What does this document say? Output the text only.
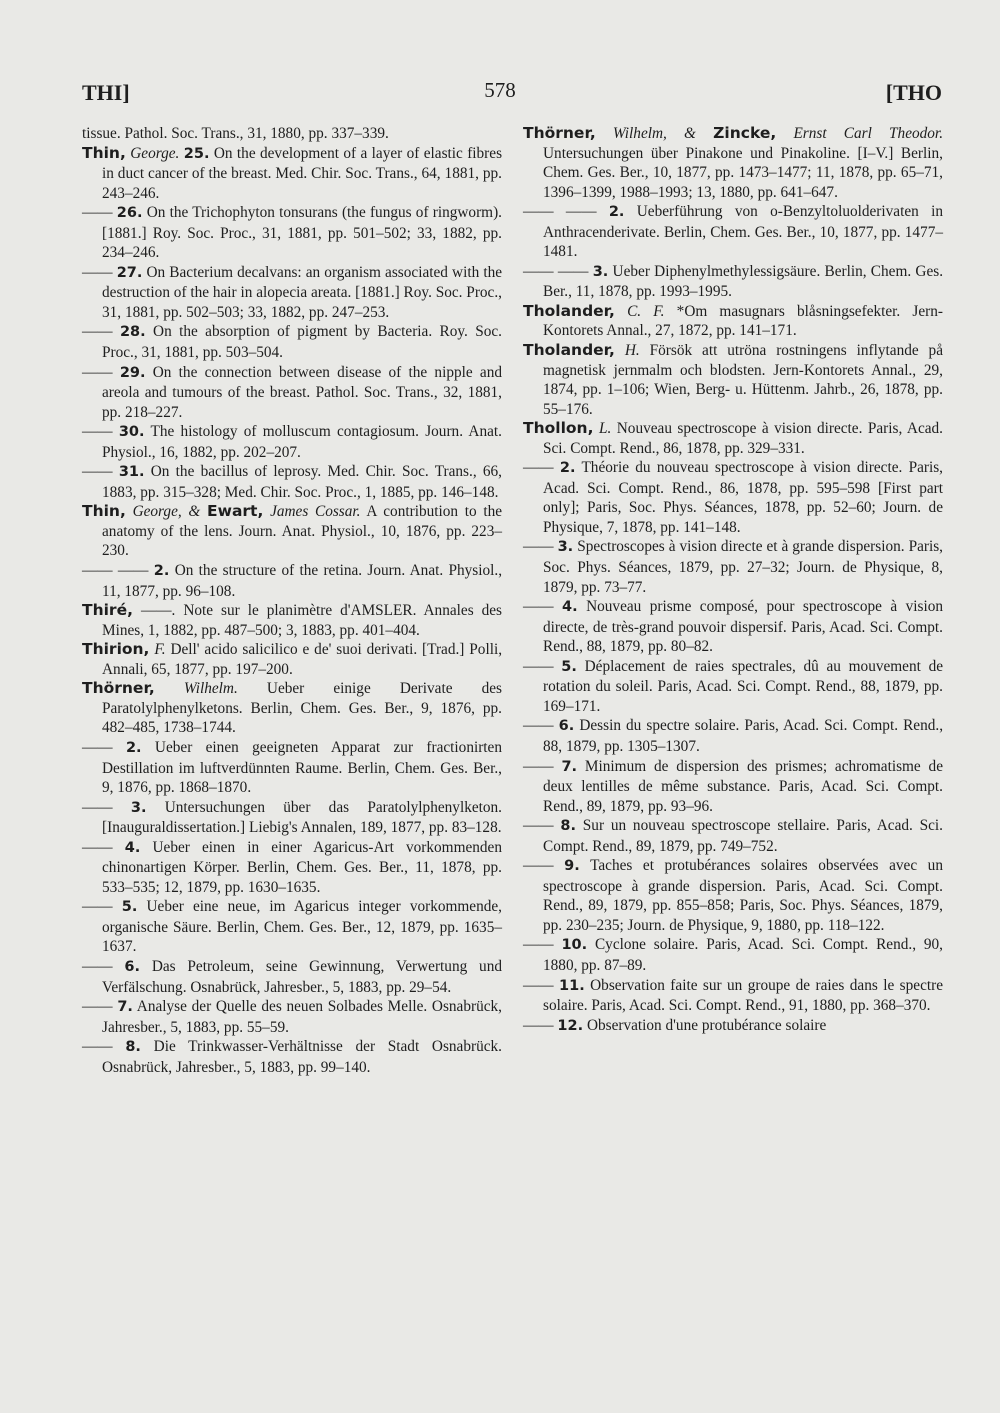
THI]	578	[THO

tissue. Pathol. Soc. Trans., 31, 1880, pp. 337–339.

Thin, George. 25. On the development of a layer of elastic fibres in duct cancer of the breast. Med. Chir. Soc. Trans., 64, 1881, pp. 243–246.

—— 26. On the Trichophyton tonsurans (the fungus of ringworm). [1881.] Roy. Soc. Proc., 31, 1881, pp. 501–502; 33, 1882, pp. 234–246.

—— 27. On Bacterium decalvans: an organism associated with the destruction of the hair in alopecia areata. [1881.] Roy. Soc. Proc., 31, 1881, pp. 502–503; 33, 1882, pp. 247–253.

—— 28. On the absorption of pigment by Bacteria. Roy. Soc. Proc., 31, 1881, pp. 503–504.

—— 29. On the connection between disease of the nipple and areola and tumours of the breast. Pathol. Soc. Trans., 32, 1881, pp. 218–227.

—— 30. The histology of molluscum contagiosum. Journ. Anat. Physiol., 16, 1882, pp. 202–207.

—— 31. On the bacillus of leprosy. Med. Chir. Soc. Trans., 66, 1883, pp. 315–328; Med. Chir. Soc. Proc., 1, 1885, pp. 146–148.

Thin, George, & Ewart, James Cossar. A contribution to the anatomy of the lens. Journ. Anat. Physiol., 10, 1876, pp. 223–230.

—— —— 2. On the structure of the retina. Journ. Anat. Physiol., 11, 1877, pp. 96–108.

Thiré, ——. Note sur le planimètre d'AMSLER. Annales des Mines, 1, 1882, pp. 487–500; 3, 1883, pp. 401–404.

Thirion, F. Dell' acido salicilico e de' suoi derivati. [Trad.] Polli, Annali, 65, 1877, pp. 197–200.

Thörner, Wilhelm. Ueber einige Derivate des Paratolylphenylketons. Berlin, Chem. Ges. Ber., 9, 1876, pp. 482–485, 1738–1744.

—— 2. Ueber einen geeigneten Apparat zur fractionirten Destillation im luftverdünnten Raume. Berlin, Chem. Ges. Ber., 9, 1876, pp. 1868–1870.

—— 3. Untersuchungen über das Paratolylphenylketon. [Inauguraldissertation.] Liebig's Annalen, 189, 1877, pp. 83–128.

—— 4. Ueber einen in einer Agaricus-Art vorkommenden chinonartigen Körper. Berlin, Chem. Ges. Ber., 11, 1878, pp. 533–535; 12, 1879, pp. 1630–1635.

—— 5. Ueber eine neue, im Agaricus integer vorkommende, organische Säure. Berlin, Chem. Ges. Ber., 12, 1879, pp. 1635–1637.

—— 6. Das Petroleum, seine Gewinnung, Verwertung und Verfälschung. Osnabrück, Jahresber., 5, 1883, pp. 29–54.

—— 7. Analyse der Quelle des neuen Solbades Melle. Osnabrück, Jahresber., 5, 1883, pp. 55–59.

—— 8. Die Trinkwasser-Verhältnisse der Stadt Osnabrück. Osnabrück, Jahresber., 5, 1883, pp. 99–140.

Thörner, Wilhelm, & Zincke, Ernst Carl Theodor. Untersuchungen über Pinakone und Pinakoline. [I–V.] Berlin, Chem. Ges. Ber., 10, 1877, pp. 1473–1477; 11, 1878, pp. 65–71, 1396–1399, 1988–1993; 13, 1880, pp. 641–647.

—— —— 2. Ueberführung von o-Benzyltoluolderivaten in Anthracenderivate. Berlin, Chem. Ges. Ber., 10, 1877, pp. 1477–1481.

—— —— 3. Ueber Diphenylmethylessigsäure. Berlin, Chem. Ges. Ber., 11, 1878, pp. 1993–1995.

Tholander, C. F. *Om masugnars blåsningsefekter. Jern-Kontorets Annal., 27, 1872, pp. 141–171.

Tholander, H. Försök att utröna rostningens inflytande på magnetisk jernmalm och blodsten. Jern-Kontorets Annal., 29, 1874, pp. 1–106; Wien, Berg- u. Hüttenm. Jahrb., 26, 1878, pp. 55–176.

Thollon, L. Nouveau spectroscope à vision directe. Paris, Acad. Sci. Compt. Rend., 86, 1878, pp. 329–331.

—— 2. Théorie du nouveau spectroscope à vision directe. Paris, Acad. Sci. Compt. Rend., 86, 1878, pp. 595–598 [First part only]; Paris, Soc. Phys. Séances, 1878, pp. 52–60; Journ. de Physique, 7, 1878, pp. 141–148.

—— 3. Spectroscopes à vision directe et à grande dispersion. Paris, Soc. Phys. Séances, 1879, pp. 27–32; Journ. de Physique, 8, 1879, pp. 73–77.

—— 4. Nouveau prisme composé, pour spectroscope à vision directe, de très-grand pouvoir dispersif. Paris, Acad. Sci. Compt. Rend., 88, 1879, pp. 80–82.

—— 5. Déplacement de raies spectrales, dû au mouvement de rotation du soleil. Paris, Acad. Sci. Compt. Rend., 88, 1879, pp. 169–171.

—— 6. Dessin du spectre solaire. Paris, Acad. Sci. Compt. Rend., 88, 1879, pp. 1305–1307.

—— 7. Minimum de dispersion des prismes; achromatisme de deux lentilles de même substance. Paris, Acad. Sci. Compt. Rend., 89, 1879, pp. 93–96.

—— 8. Sur un nouveau spectroscope stellaire. Paris, Acad. Sci. Compt. Rend., 89, 1879, pp. 749–752.

—— 9. Taches et protubérances solaires observées avec un spectroscope à grande dispersion. Paris, Acad. Sci. Compt. Rend., 89, 1879, pp. 855–858; Paris, Soc. Phys. Séances, 1879, pp. 230–235; Journ. de Physique, 9, 1880, pp. 118–122.

—— 10. Cyclone solaire. Paris, Acad. Sci. Compt. Rend., 90, 1880, pp. 87–89.

—— 11. Observation faite sur un groupe de raies dans le spectre solaire. Paris, Acad. Sci. Compt. Rend., 91, 1880, pp. 368–370.

—— 12. Observation d'une protubérance solaire
